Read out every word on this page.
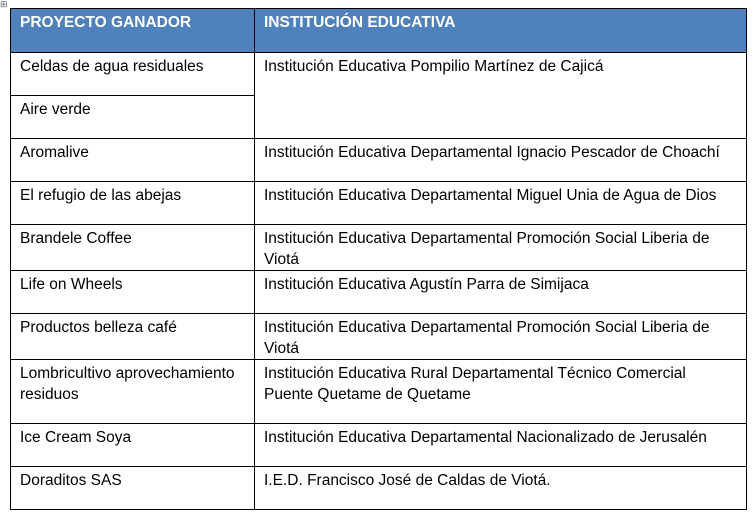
⊞
PROYECTO GANADOR	INSTITUCIÓN EDUCATIVA
Celdas de agua residuales	Institución Educativa Pompilio Martínez de Cajicá
Aire verde	
Aromalive	Institución Educativa Departamental Ignacio Pescador de Choachí
El refugio de las abejas	Institución Educativa Departamental Miguel Unia de Agua de Dios
Brandele Coffee	Institución Educativa Departamental Promoción Social Liberia de Viotá
Life on Wheels	Institución Educativa Agustín Parra de Simijaca
Productos belleza café	Institución Educativa Departamental Promoción Social Liberia de Viotá
Lombricultivo aprovechamiento residuos	Institución Educativa Rural Departamental Técnico Comercial Puente Quetame de Quetame
Ice Cream Soya	Institución Educativa Departamental Nacionalizado de Jerusalén
Doraditos SAS	I.E.D. Francisco José de Caldas de Viotá.
